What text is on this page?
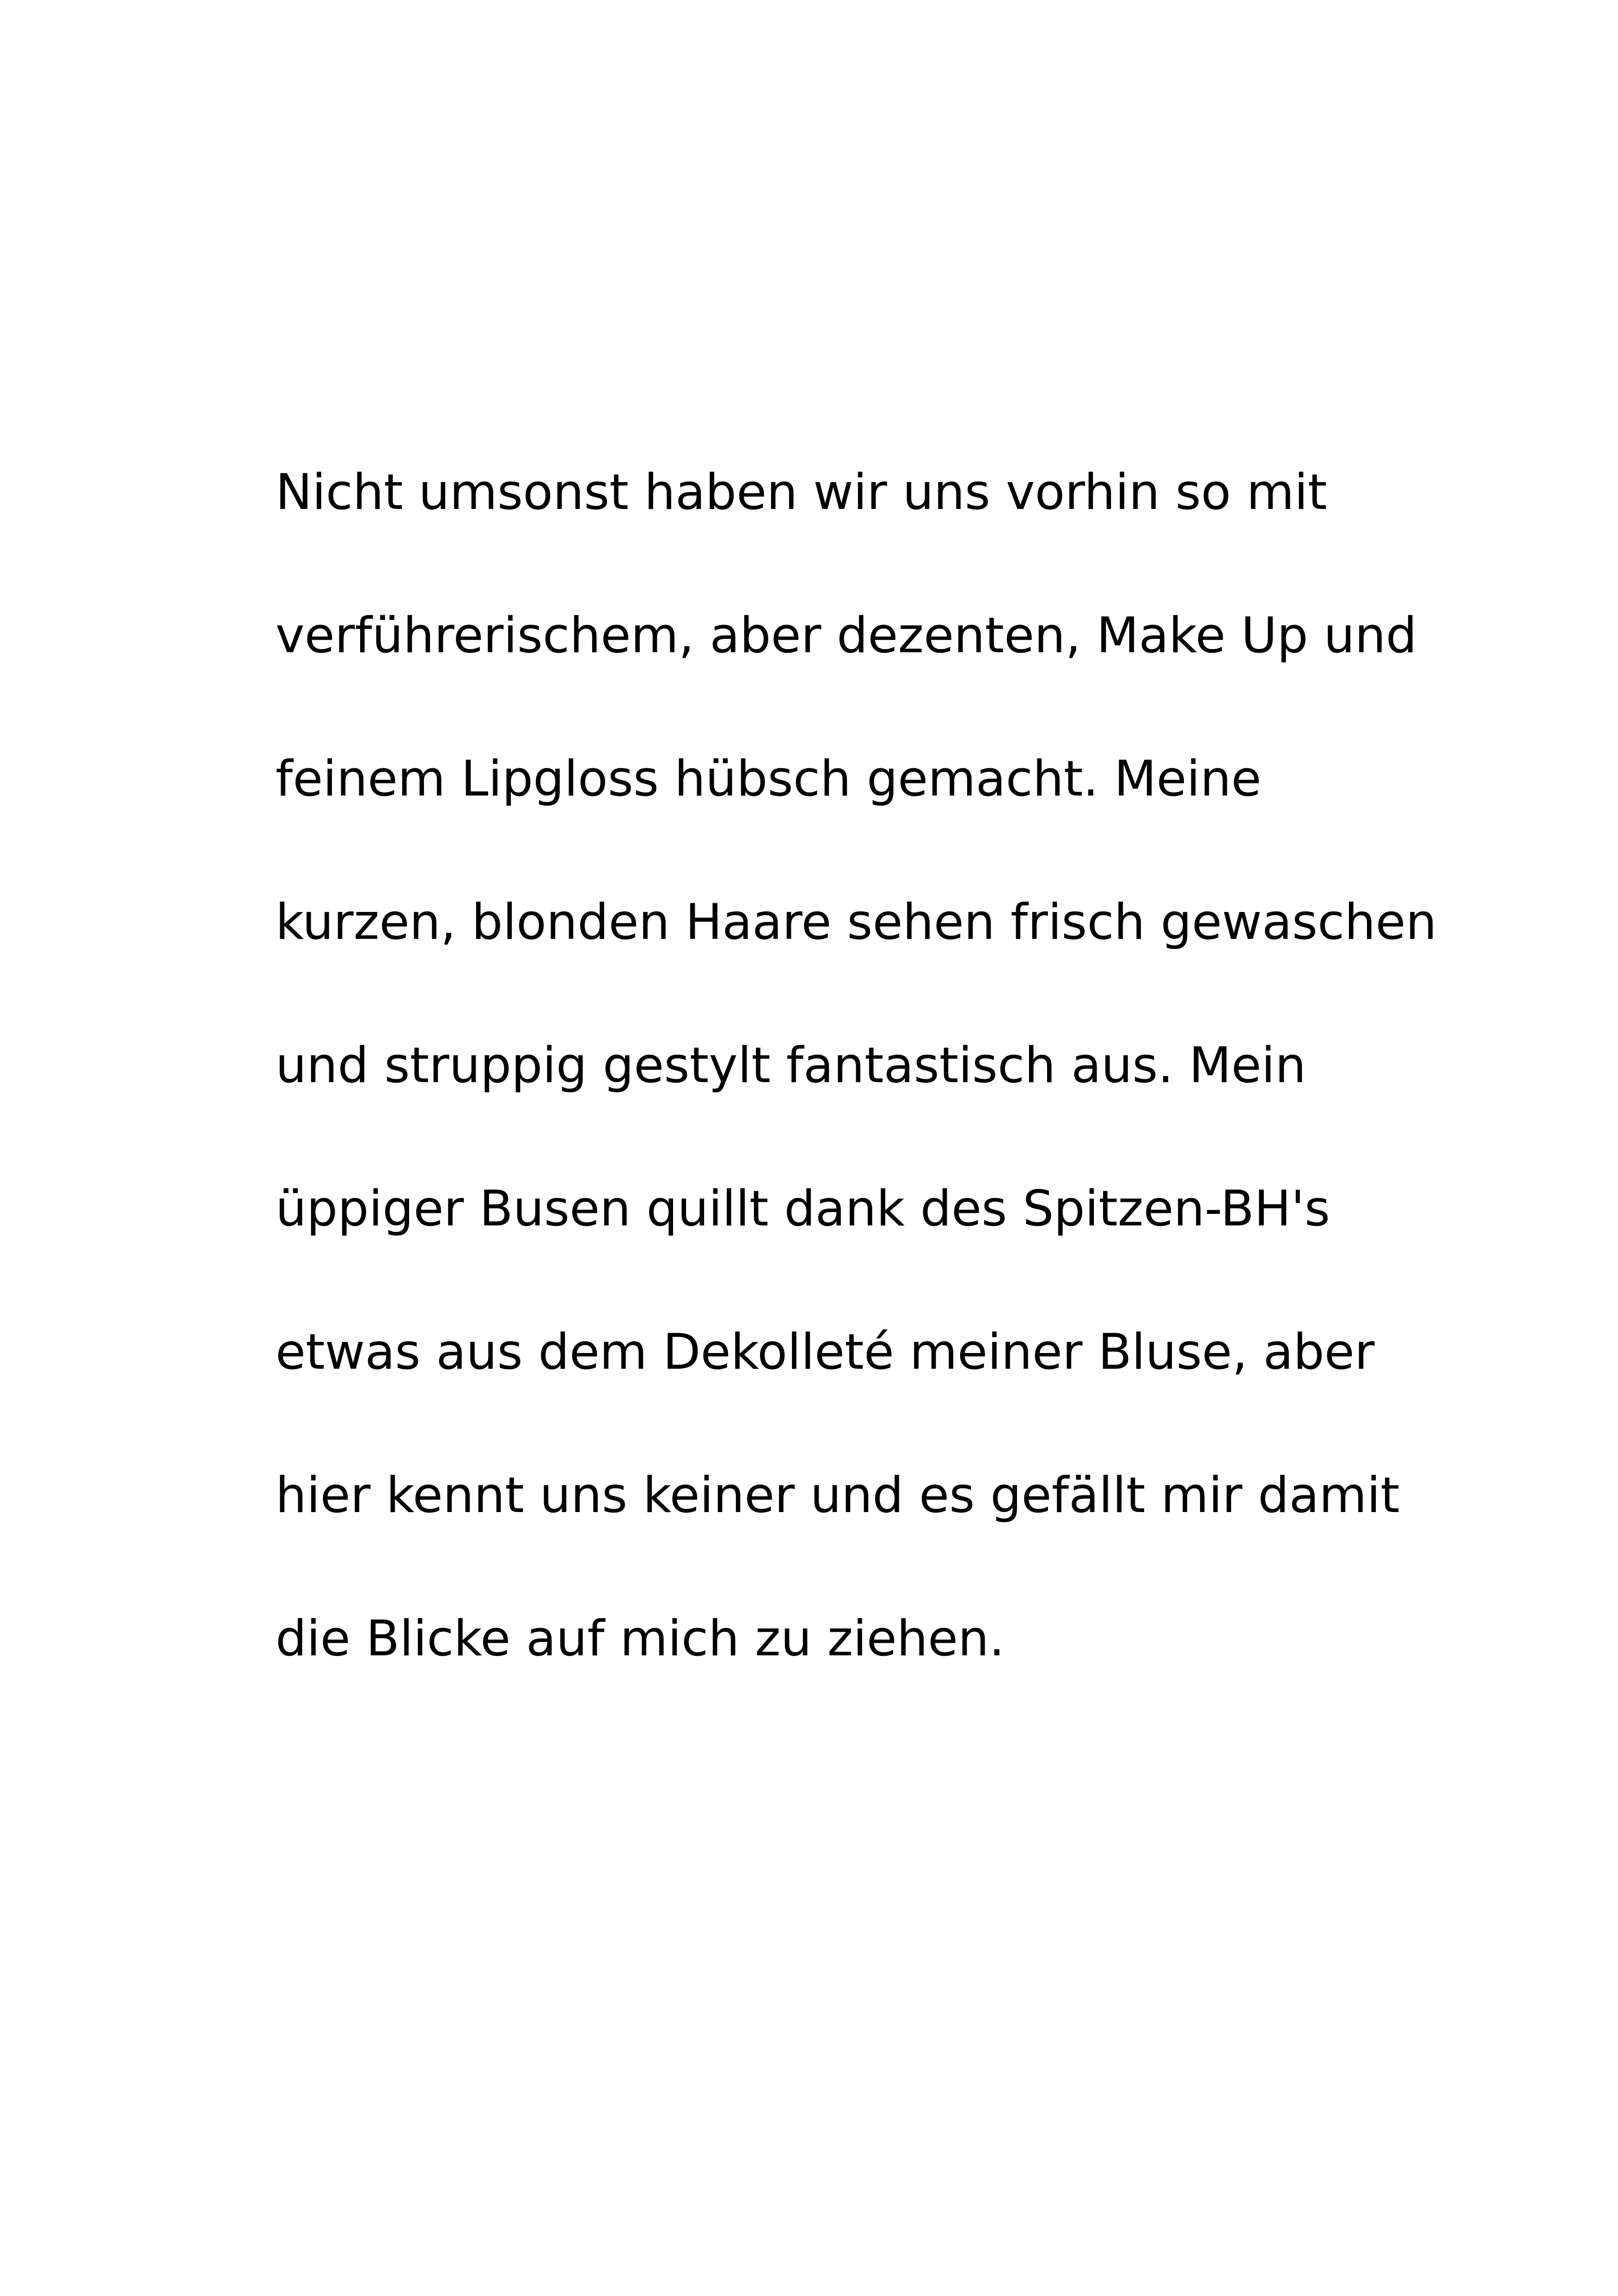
Nicht umsonst haben wir uns vorhin so mit
verführerischem, aber dezenten, Make Up und
feinem Lipgloss hübsch gemacht. Meine
kurzen, blonden Haare sehen frisch gewaschen
und struppig gestylt fantastisch aus. Mein
üppiger Busen quillt dank des Spitzen-BH's
etwas aus dem Dekolleté meiner Bluse, aber
hier kennt uns keiner und es gefällt mir damit
die Blicke auf mich zu ziehen.
